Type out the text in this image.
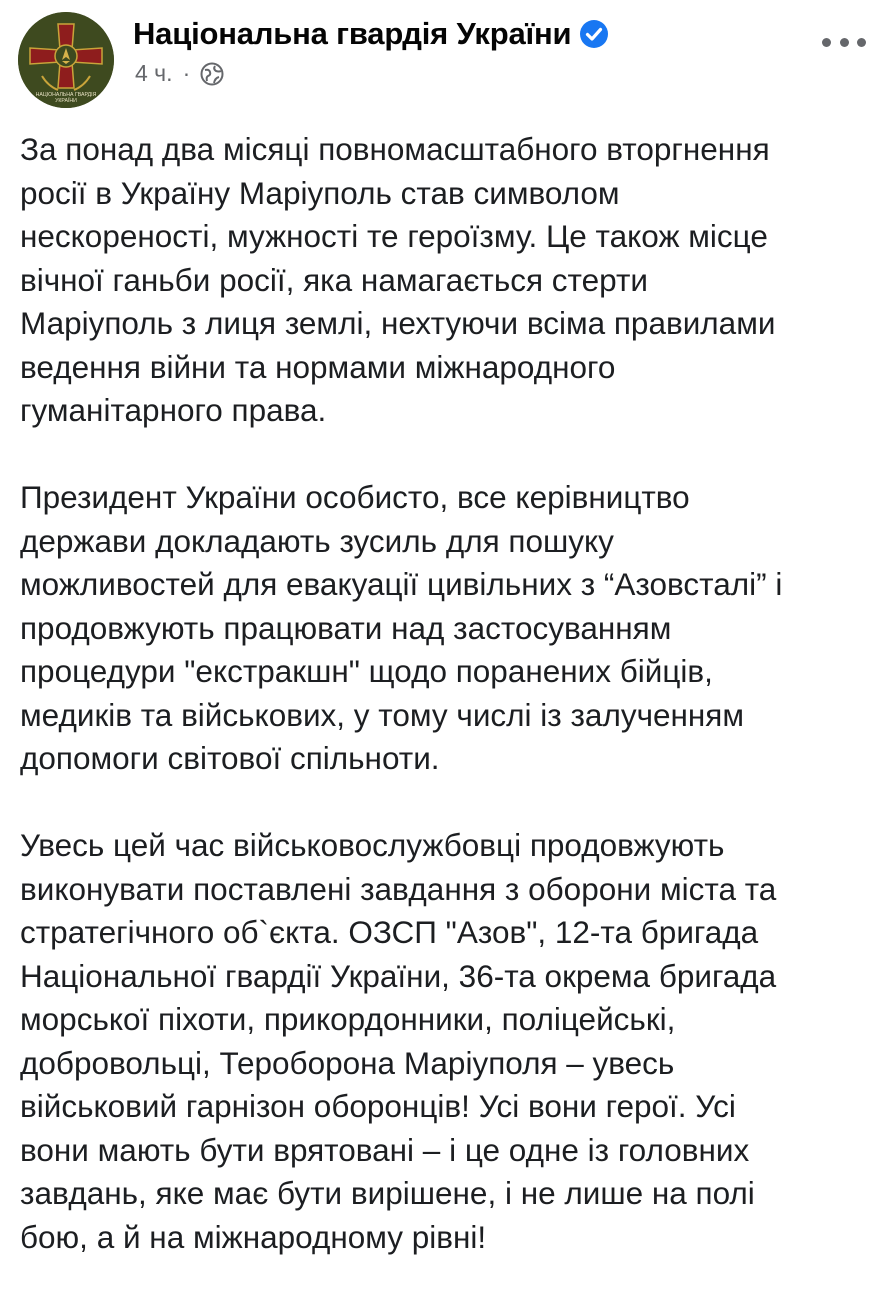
НАЦІОНАЛЬНА ГВАРДІЯ
УКРАЇНИ
Національна гвардія України
4 ч. ·

За понад два місяці повномасштабного вторгнення
росії в Україну Маріуполь став символом
нескореності, мужності те героїзму. Це також місце
вічної ганьби росії, яка намагається стерти
Маріуполь з лиця землі, нехтуючи всіма правилами
ведення війни та нормами міжнародного
гуманітарного права.

Президент України особисто, все керівництво
держави докладають зусиль для пошуку
можливостей для евакуації цивільних з “Азовсталі” і
продовжують працювати над застосуванням
процедури "екстракшн" щодо поранених бійців,
медиків та військових, у тому числі із залученням
допомоги світової спільноти.

Увесь цей час військовослужбовці продовжують
виконувати поставлені завдання з оборони міста та
стратегічного об`єкта. ОЗСП "Азов", 12-та бригада
Національної гвардії України, 36-та окрема бригада
морської піхоти, прикордонники, поліцейські,
добровольці, Тероборона Маріуполя – увесь
військовий гарнізон оборонців! Усі вони герої. Усі
вони мають бути врятовані – і це одне із головних
завдань, яке має бути вирішене, і не лише на полі
бою, а й на міжнародному рівні!
